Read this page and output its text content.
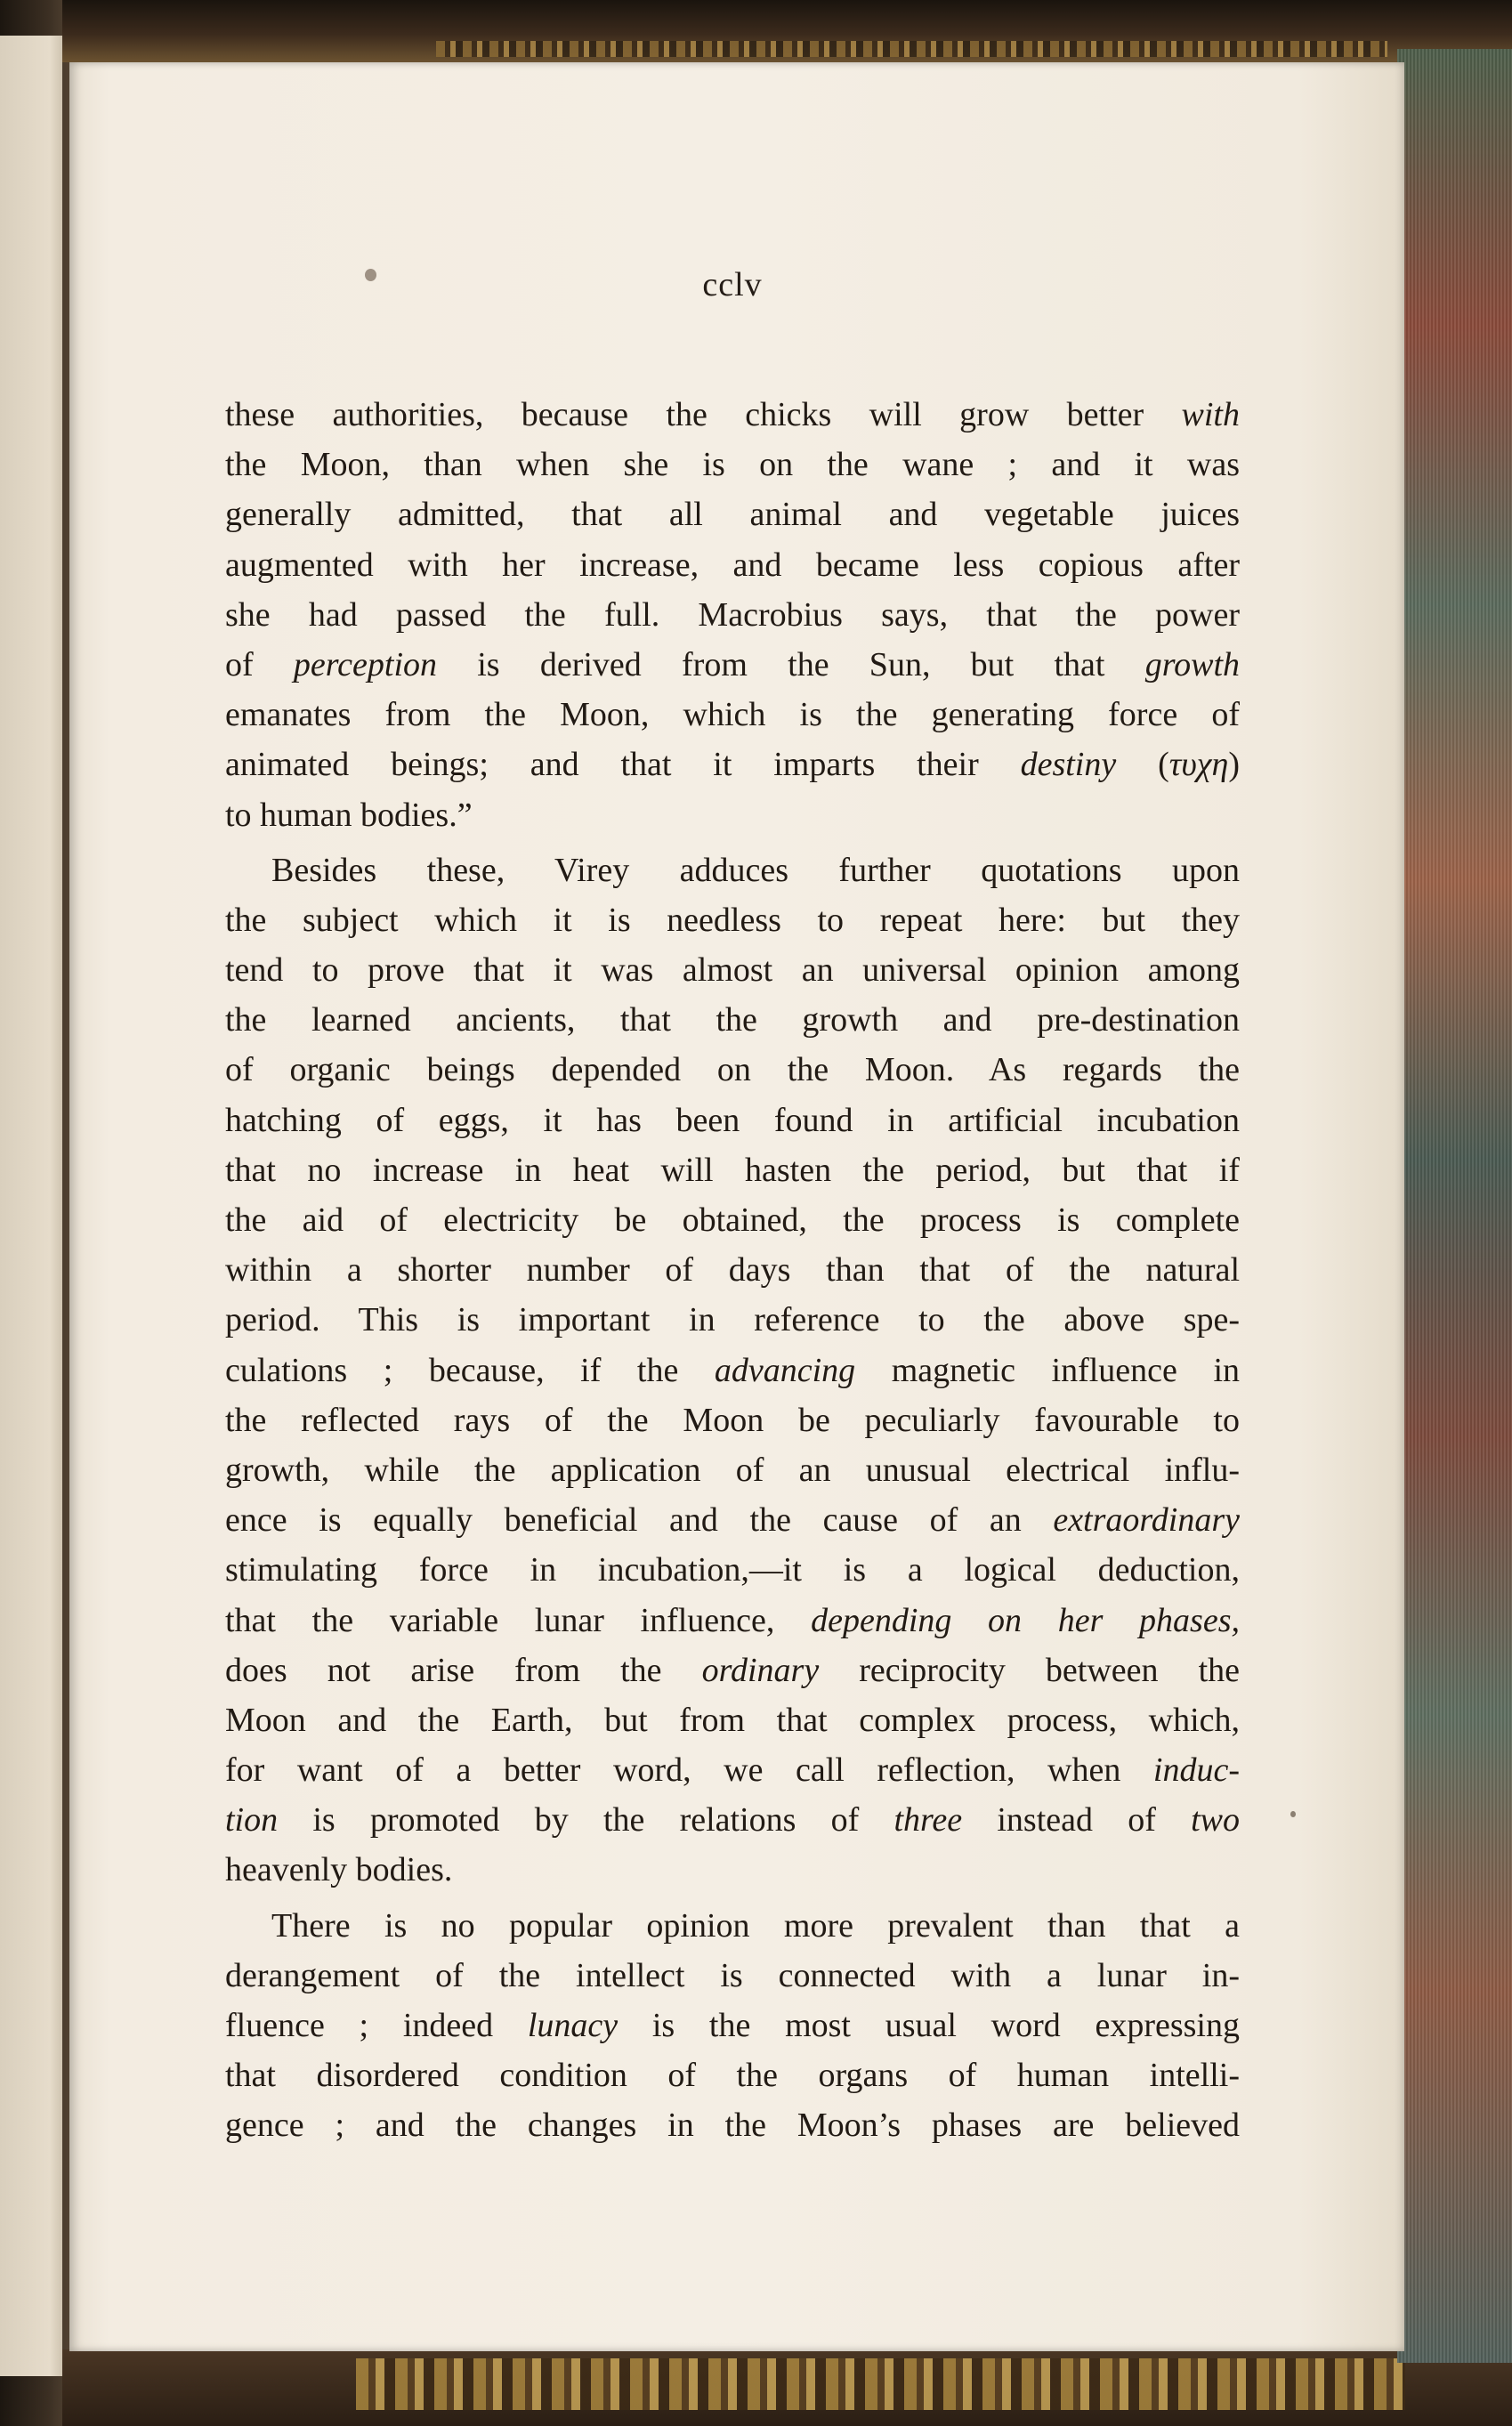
cclv
these authorities, because the chicks will grow better with
the Moon, than when she is on the wane ; and it was
generally admitted, that all animal and vegetable juices
augmented with her increase, and became less copious after
she had passed the full. Macrobius says, that the power
of perception is derived from the Sun, but that growth
emanates from the Moon, which is the generating force of
animated beings; and that it imparts their destiny (τυχη)
to human bodies.”
Besides these, Virey adduces further quotations upon
the subject which it is needless to repeat here: but they
tend to prove that it was almost an universal opinion among
the learned ancients, that the growth and pre-destination
of organic beings depended on the Moon. As regards the
hatching of eggs, it has been found in artificial incubation
that no increase in heat will hasten the period, but that if
the aid of electricity be obtained, the process is complete
within a shorter number of days than that of the natural
period. This is important in reference to the above spe-
culations ; because, if the advancing magnetic influence in
the reflected rays of the Moon be peculiarly favourable to
growth, while the application of an unusual electrical influ-
ence is equally beneficial and the cause of an extraordinary
stimulating force in incubation,—it is a logical deduction,
that the variable lunar influence, depending on her phases,
does not arise from the ordinary reciprocity between the
Moon and the Earth, but from that complex process, which,
for want of a better word, we call reflection, when induc-
tion is promoted by the relations of three instead of two
heavenly bodies.
There is no popular opinion more prevalent than that a
derangement of the intellect is connected with a lunar in-
fluence ; indeed lunacy is the most usual word expressing
that disordered condition of the organs of human intelli-
gence ; and the changes in the Moon’s phases are believed
